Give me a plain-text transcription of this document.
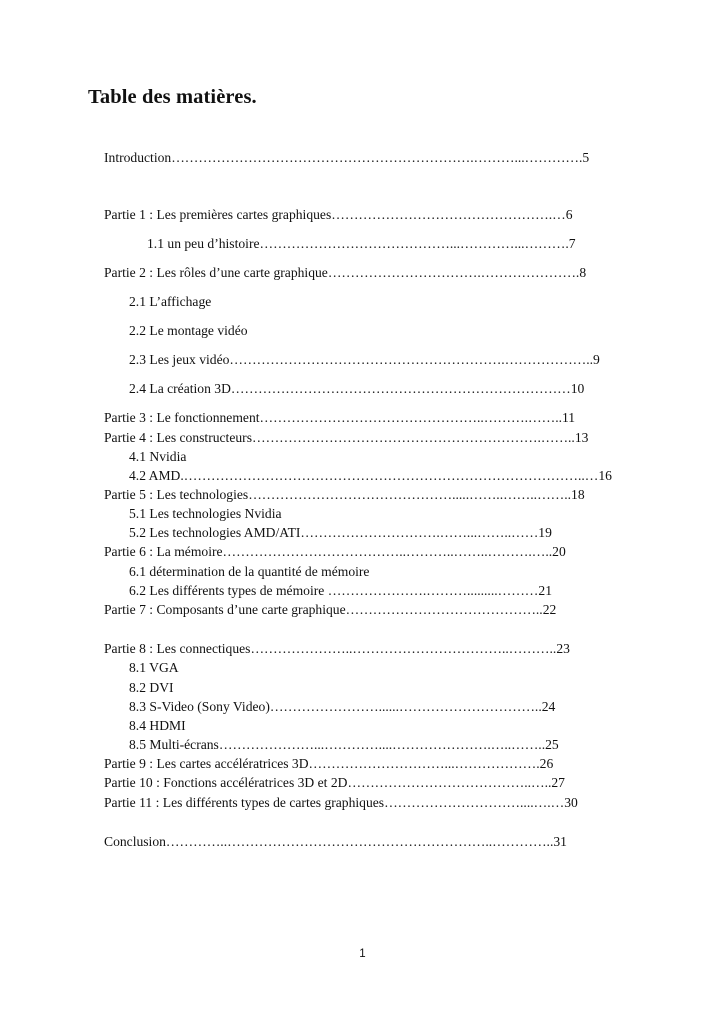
Table des matières.
Introduction………………………………………………………….………...………….5
Partie 1 : Les premières cartes graphiques………………………………………….…6
1.1 un peu d’histoire……………………………………...…………...……….7
Partie 2 : Les rôles d’une carte graphique…………………………….………………….8
2.1 L’affichage
2.2 Le montage vidéo
2.3 Les jeux vidéo…………………………………………………….………………..9
2.4 La création 3D…………………………………………………………………10
Partie 3 : Le fonctionnement…………………………………………..……….……..11
Partie 4 : Les constructeurs……………………………………………………….……..13
4.1 Nvidia
4.2 AMD.……………………………………………………………………………..…16
Partie 5 : Les technologies……………………………………….....……..……..……..18
5.1 Les technologies Nvidia
5.2 Les technologies AMD/ATI………………………….……...……..……19
Partie 6 : La mémoire…………………………………..………..……..……….…..20
6.1 détermination de la quantité de mémoire
6.2 Les différents types de mémoire ………………….……….........………21
Partie 7 : Composants d’une carte graphique……………………………………..22
Partie 8 : Les connectiques…………………..……………………………..………..23
8.1 VGA
8.2 DVI
8.3 S-Video (Sony Video)……………………......…………………………..24
8.4 HDMI
8.5 Multi-écrans…………………...…………....………………….…..……..25
Partie 9 : Les cartes accélératrices 3D…………………………...……………….26
Partie 10 : Fonctions accélératrices 3D et 2D…………………………………..…..27
Partie 11 : Les différents types de cartes graphiques…………………………....….…30
Conclusion…………..…………………………………………………..…………..31
1
